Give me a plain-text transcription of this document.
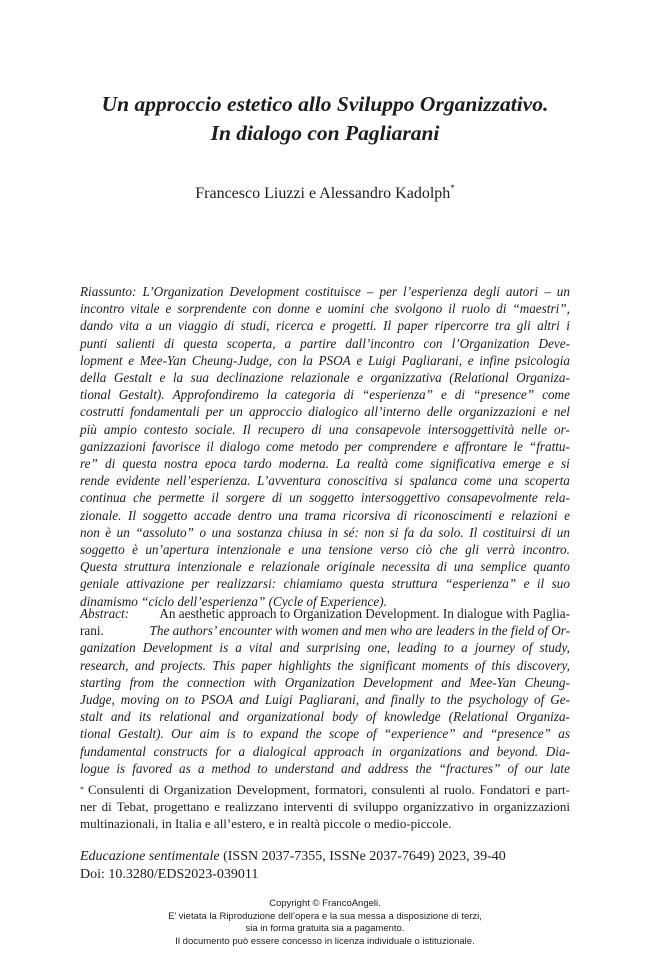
Un approccio estetico allo Sviluppo Organizzativo.
In dialogo con Pagliarani
Francesco Liuzzi e Alessandro Kadolph*
Riassunto: L’Organization Development costituisce – per l’esperienza degli autori – un
incontro vitale e sorprendente con donne e uomini che svolgono il ruolo di “maestri”,
dando vita a un viaggio di studi, ricerca e progetti. Il paper ripercorre tra gli altri i
punti salienti di questa scoperta, a partire dall’incontro con l’Organization Deve-
lopment e Mee-Yan Cheung-Judge, con la PSOA e Luigi Pagliarani, e infine psicologia
della Gestalt e la sua declinazione relazionale e organizzativa (Relational Organiza-
tional Gestalt). Approfondiremo la categoria di “esperienza” e di “presence” come
costrutti fondamentali per un approccio dialogico all’interno delle organizzazioni e nel
più ampio contesto sociale. Il recupero di una consapevole intersoggettività nelle or-
ganizzazioni favorisce il dialogo come metodo per comprendere e affrontare le “frattu-
re” di questa nostra epoca tardo moderna. La realtà come significativa emerge e si
rende evidente nell’esperienza. L’avventura conoscitiva si spalanca come una scoperta
continua che permette il sorgere di un soggetto intersoggettivo consapevolmente rela-
zionale. Il soggetto accade dentro una trama ricorsiva di riconoscimenti e relazioni e
non è un “assoluto” o una sostanza chiusa in sé: non si fa da solo. Il costituirsi di un
soggetto è un’apertura intenzionale e una tensione verso ciò che gli verrà incontro.
Questa struttura intenzionale e relazionale originale necessita di una semplice quanto
geniale attivazione per realizzarsi: chiamiamo questa struttura “esperienza” e il suo
dinamismo “ciclo dell’esperienza” (Cycle of Experience).
Abstract: An aesthetic approach to Organization Development. In dialogue with Paglia-
rani.	The authors’ encounter with women and men who are leaders in the field of Or-
ganization Development is a vital and surprising one, leading to a journey of study,
research, and projects. This paper highlights the significant moments of this discovery,
starting from the connection with Organization Development and Mee-Yan Cheung-
Judge, moving on to PSOA and Luigi Pagliarani, and finally to the psychology of Ge-
stalt and its relational and organizational body of knowledge (Relational Organiza-
tional Gestalt). Our aim is to expand the scope of “experience” and “presence” as
fundamental constructs for a dialogical approach in organizations and beyond. Dia-
logue is favored as a method to understand and address the “fractures” of our late
* Consulenti di Organization Development, formatori, consulenti al ruolo. Fondatori e part-
ner di Tebat, progettano e realizzano interventi di sviluppo organizzativo in organizzazioni
multinazionali, in Italia e all’estero, e in realtà piccole o medio-piccole.
Educazione sentimentale (ISSN 2037-7355, ISSNe 2037-7649) 2023, 39-40
Doi: 10.3280/EDS2023-039011
Copyright © FrancoAngeli.
E’ vietata la Riproduzione dell’opera e la sua messa a disposizione di terzi,
sia in forma gratuita sia a pagamento.
Il documento può essere concesso in licenza individuale o istituzionale.
